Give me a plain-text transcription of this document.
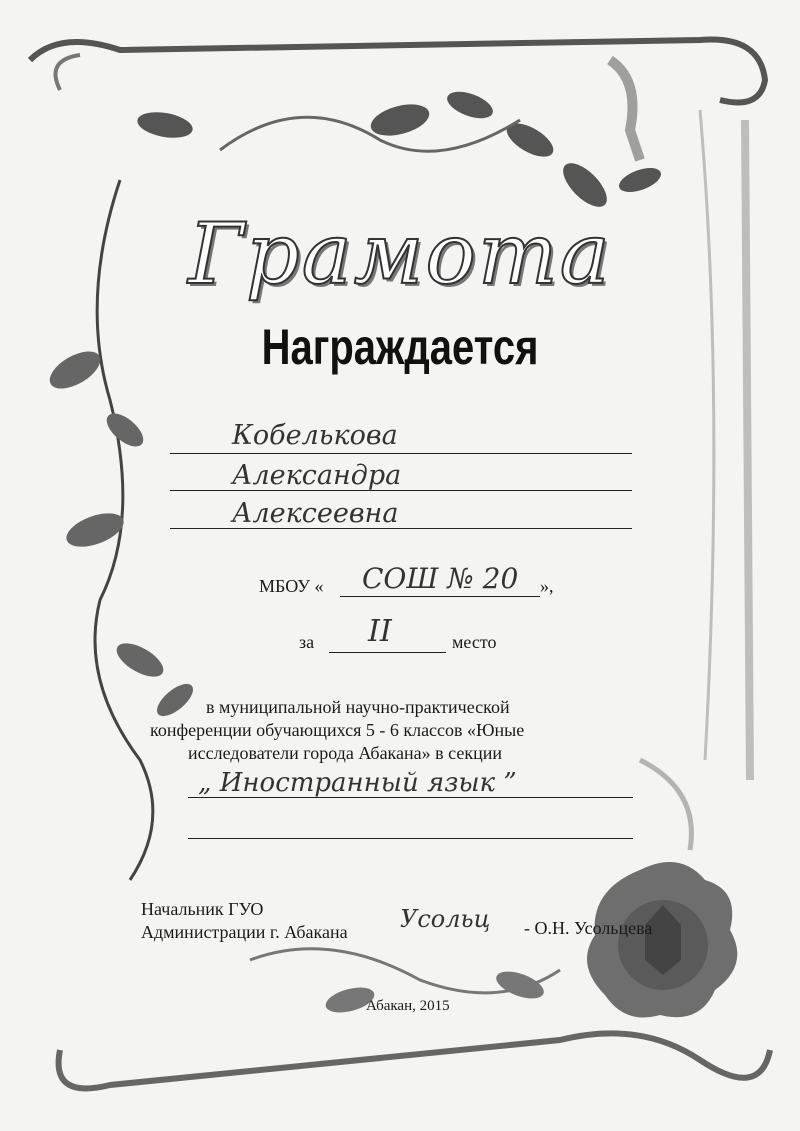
Грамота
Награждается
Кобелькова
Александра
Алексеевна
МБОУ « СОШ № 20 »,
за II	место
в муниципальной научно-практической
конференции обучающихся 5 - 6 классов «Юные
исследователи города Абакана» в секции
„ Иностранный язык ”
Начальник ГУО
Администрации г. Абакана Усольц - О.Н. Усольцева
Абакан, 2015
